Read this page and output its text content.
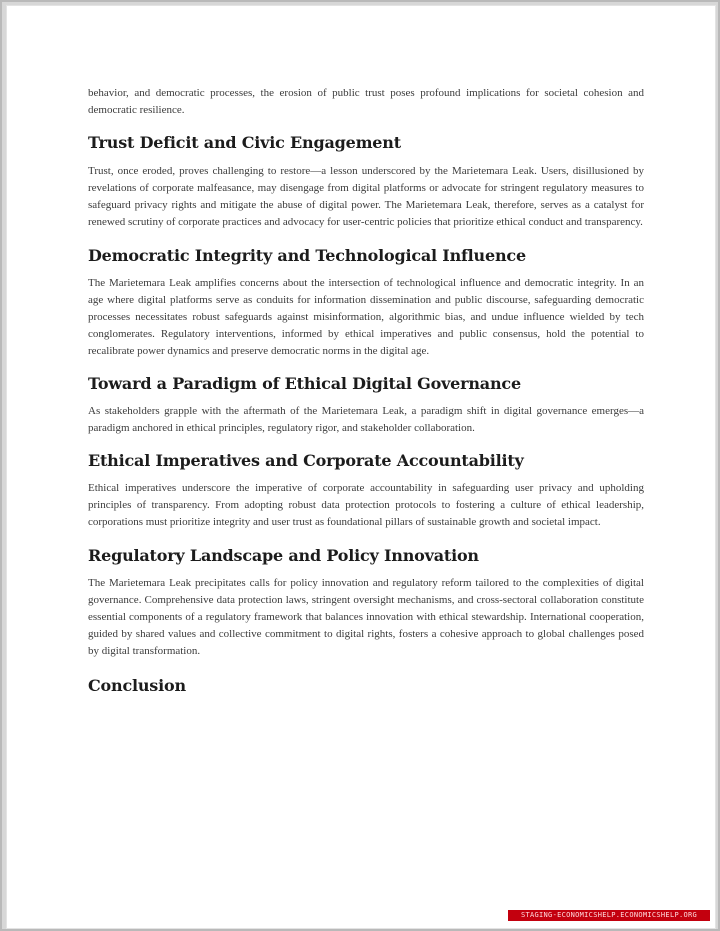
behavior, and democratic processes, the erosion of public trust poses profound implications for societal cohesion and democratic resilience.

Trust Deficit and Civic Engagement

Trust, once eroded, proves challenging to restore—a lesson underscored by the Marietemara Leak. Users, disillusioned by revelations of corporate malfeasance, may disengage from digital platforms or advocate for stringent regulatory measures to safeguard privacy rights and mitigate the abuse of digital power. The Marietemara Leak, therefore, serves as a catalyst for renewed scrutiny of corporate practices and advocacy for user-centric policies that prioritize ethical conduct and transparency.

Democratic Integrity and Technological Influence

The Marietemara Leak amplifies concerns about the intersection of technological influence and democratic integrity. In an age where digital platforms serve as conduits for information dissemination and public discourse, safeguarding democratic processes necessitates robust safeguards against misinformation, algorithmic bias, and undue influence wielded by tech conglomerates. Regulatory interventions, informed by ethical imperatives and public consensus, hold the potential to recalibrate power dynamics and preserve democratic norms in the digital age.

Toward a Paradigm of Ethical Digital Governance

As stakeholders grapple with the aftermath of the Marietemara Leak, a paradigm shift in digital governance emerges—a paradigm anchored in ethical principles, regulatory rigor, and stakeholder collaboration.

Ethical Imperatives and Corporate Accountability

Ethical imperatives underscore the imperative of corporate accountability in safeguarding user privacy and upholding principles of transparency. From adopting robust data protection protocols to fostering a culture of ethical leadership, corporations must prioritize integrity and user trust as foundational pillars of sustainable growth and societal impact.

Regulatory Landscape and Policy Innovation

The Marietemara Leak precipitates calls for policy innovation and regulatory reform tailored to the complexities of digital governance. Comprehensive data protection laws, stringent oversight mechanisms, and cross-sectoral collaboration constitute essential components of a regulatory framework that balances innovation with ethical stewardship. International cooperation, guided by shared values and collective commitment to digital rights, fosters a cohesive approach to global challenges posed by digital transformation.

Conclusion
STAGING-ECONOMICSHELP.ECONOMICSHELP.ORG
